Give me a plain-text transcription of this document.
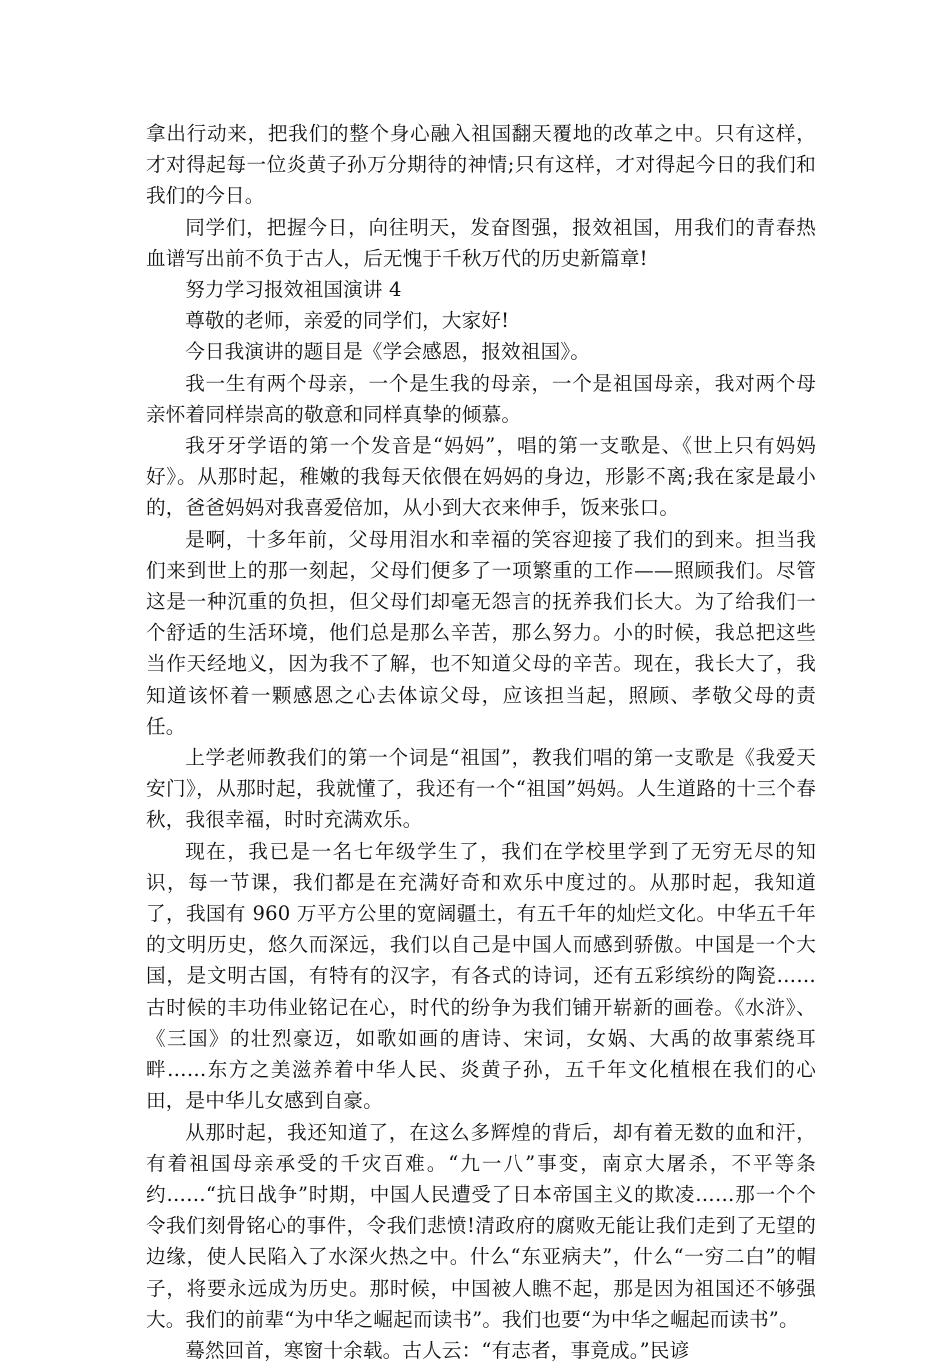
拿出行动来，把我们的整个身心融入祖国翻天覆地的改革之中。只有这样，才对得起每一位炎黄子孙万分期待的神情;只有这样，才对得起今日的我们和我们的今日。

同学们，把握今日，向往明天，发奋图强，报效祖国，用我们的青春热血谱写出前不负于古人，后无愧于千秋万代的历史新篇章!

努力学习报效祖国演讲 4

尊敬的老师，亲爱的同学们，大家好!

今日我演讲的题目是《学会感恩，报效祖国》。

我一生有两个母亲，一个是生我的母亲，一个是祖国母亲，我对两个母亲怀着同样崇高的敬意和同样真挚的倾慕。

我牙牙学语的第一个发音是“妈妈”，唱的第一支歌是、《世上只有妈妈好》。从那时起，稚嫩的我每天依偎在妈妈的身边，形影不离;我在家是最小的，爸爸妈妈对我喜爱倍加，从小到大衣来伸手，饭来张口。

是啊，十多年前，父母用泪水和幸福的笑容迎接了我们的到来。担当我们来到世上的那一刻起，父母们便多了一项繁重的工作——照顾我们。尽管这是一种沉重的负担，但父母们却毫无怨言的抚养我们长大。为了给我们一个舒适的生活环境，他们总是那么辛苦，那么努力。小的时候，我总把这些当作天经地义，因为我不了解，也不知道父母的辛苦。现在，我长大了，我知道该怀着一颗感恩之心去体谅父母，应该担当起，照顾、孝敬父母的责任。

上学老师教我们的第一个词是“祖国”，教我们唱的第一支歌是《我爱天安门》，从那时起，我就懂了，我还有一个“祖国”妈妈。人生道路的十三个春秋，我很幸福，时时充满欢乐。

现在，我已是一名七年级学生了，我们在学校里学到了无穷无尽的知识，每一节课，我们都是在充满好奇和欢乐中度过的。从那时起，我知道了，我国有 960 万平方公里的宽阔疆土，有五千年的灿烂文化。中华五千年的文明历史，悠久而深远，我们以自己是中国人而感到骄傲。中国是一个大国，是文明古国，有特有的汉字，有各式的诗词，还有五彩缤纷的陶瓷……古时候的丰功伟业铭记在心，时代的纷争为我们铺开崭新的画卷。《水浒》、《三国》的壮烈豪迈，如歌如画的唐诗、宋词，女娲、大禹的故事萦绕耳畔……东方之美滋养着中华人民、炎黄子孙，五千年文化植根在我们的心田，是中华儿女感到自豪。

从那时起，我还知道了，在这么多辉煌的背后，却有着无数的血和汗，有着祖国母亲承受的千灾百难。“九一八”事变，南京大屠杀，不平等条约……“抗日战争”时期，中国人民遭受了日本帝国主义的欺凌……那一个个令我们刻骨铭心的事件，令我们悲愤!清政府的腐败无能让我们走到了无望的边缘，使人民陷入了水深火热之中。什么“东亚病夫”，什么“一穷二白”的帽子，将要永远成为历史。那时候，中国被人瞧不起，那是因为祖国还不够强大。我们的前辈“为中华之崛起而读书”。我们也要“为中华之崛起而读书”。

蓦然回首，寒窗十余载。古人云：“有志者，事竟成。”民谚
